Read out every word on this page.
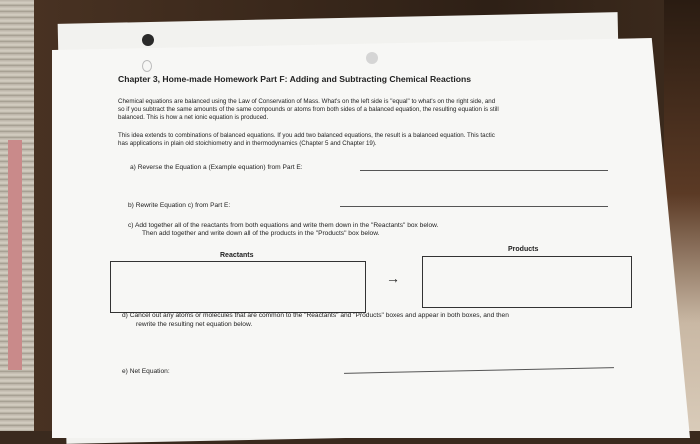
Chapter 3, Home-made Homework Part F: Adding and Subtracting Chemical Reactions
Chemical equations are balanced using the Law of Conservation of Mass. What's on the left side is "equal" to what's on the right side, and
so if you subtract the same amounts of the same compounds or atoms from both sides of a balanced equation, the resulting equation is still
balanced. This is how a net ionic equation is produced.
This idea extends to combinations of balanced equations. If you add two balanced equations, the result is a balanced equation. This tactic
has applications in plain old stoichiometry and in thermodynamics (Chapter 5 and Chapter 19).
a) Reverse the Equation a (Example equation) from Part E:
b) Rewrite Equation c) from Part E:
c) Add together all of the reactants from both equations and write them down in the "Reactants" box below.
Then add together and write down all of the products in the "Products" box below.
Reactants
Products
→
d) Cancel out any atoms or molecules that are common to the "Reactants" and "Products" boxes and appear in both boxes, and then
rewrite the resulting net equation below.
e) Net Equation:
